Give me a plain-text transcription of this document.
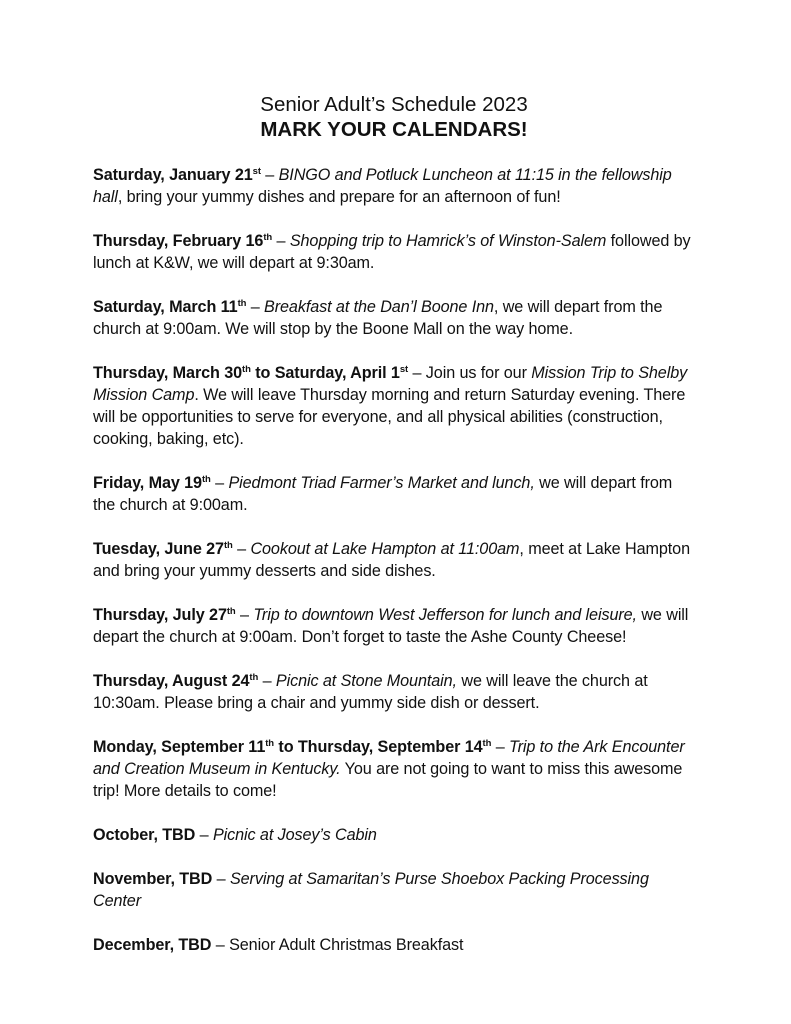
Senior Adult’s Schedule 2023
MARK YOUR CALENDARS!

Saturday, January 21st – BINGO and Potluck Luncheon at 11:15 in the fellowship hall, bring your yummy dishes and prepare for an afternoon of fun!

Thursday, February 16th – Shopping trip to Hamrick’s of Winston-Salem followed by lunch at K&W, we will depart at 9:30am.

Saturday, March 11th – Breakfast at the Dan’l Boone Inn, we will depart from the church at 9:00am. We will stop by the Boone Mall on the way home.

Thursday, March 30th to Saturday, April 1st – Join us for our Mission Trip to Shelby Mission Camp. We will leave Thursday morning and return Saturday evening. There will be opportunities to serve for everyone, and all physical abilities (construction, cooking, baking, etc).

Friday, May 19th – Piedmont Triad Farmer’s Market and lunch, we will depart from the church at 9:00am.

Tuesday, June 27th – Cookout at Lake Hampton at 11:00am, meet at Lake Hampton and bring your yummy desserts and side dishes.

Thursday, July 27th – Trip to downtown West Jefferson for lunch and leisure, we will depart the church at 9:00am. Don’t forget to taste the Ashe County Cheese!

Thursday, August 24th – Picnic at Stone Mountain, we will leave the church at 10:30am. Please bring a chair and yummy side dish or dessert.

Monday, September 11th to Thursday, September 14th – Trip to the Ark Encounter and Creation Museum in Kentucky. You are not going to want to miss this awesome trip! More details to come!

October, TBD – Picnic at Josey’s Cabin

November, TBD – Serving at Samaritan’s Purse Shoebox Packing Processing Center

December, TBD – Senior Adult Christmas Breakfast
